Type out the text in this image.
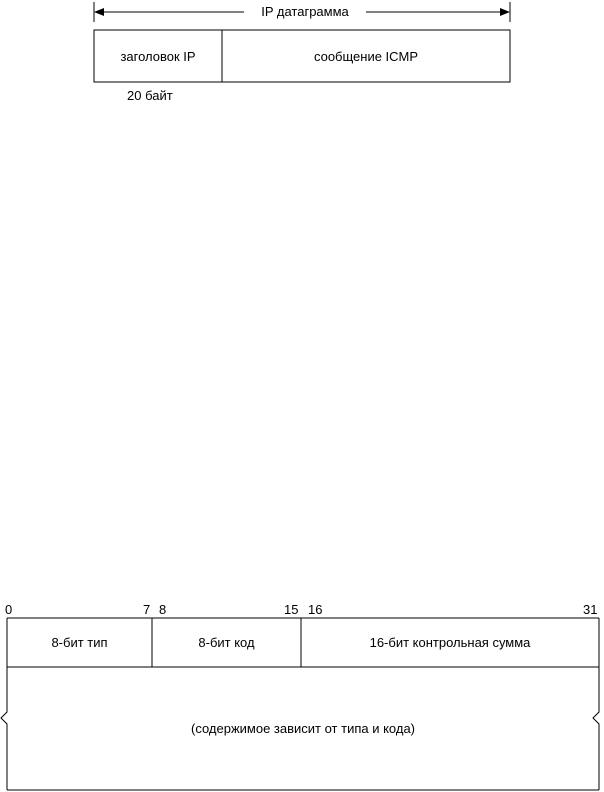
IP датаграмма
заголовок IP	сообщение ICMP
20 байт
0	7 8	15 16	31
8-бит тип	8-бит код	16-бит контрольная сумма
(содержимое зависит от типа и кода)
